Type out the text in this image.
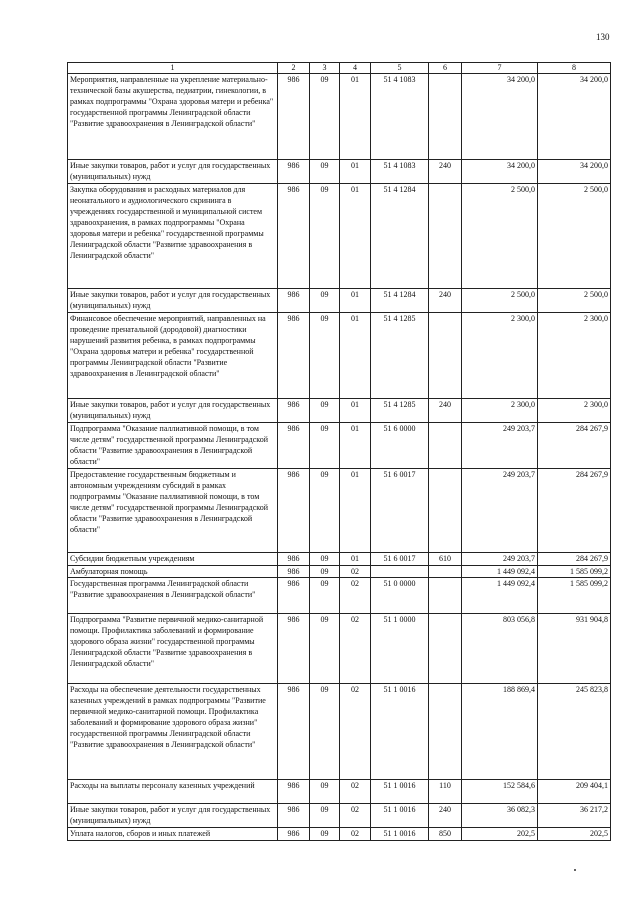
130
1	2	3	4	5	6	7	8
Мероприятия, направленные на укрепление материально-технической базы акушерства, педиатрии, гинекологии, в рамках подпрограммы "Охрана здоровья матери и ребенка" государственной программы Ленинградской области "Развитие здравоохранения в Ленинградской области"	986	09	01	51 4 1083		34 200,0	34 200,0
Иные закупки товаров, работ и услуг для государственных (муниципальных) нужд	986	09	01	51 4 1083	240	34 200,0	34 200,0
Закупка оборудования и расходных материалов для неонатального и аудиологического скрининга в учреждениях государственной и муниципальной систем здравоохранения, в рамках подпрограммы "Охрана здоровья матери и ребенка" государственной программы Ленинградской области "Развитие здравоохранения в Ленинградской области"	986	09	01	51 4 1284		2 500,0	2 500,0
Иные закупки товаров, работ и услуг для государственных (муниципальных) нужд	986	09	01	51 4 1284	240	2 500,0	2 500,0
Финансовое обеспечение мероприятий, направленных на проведение пренатальной (дородовой) диагностики нарушений развития ребенка, в рамках подпрограммы "Охрана здоровья матери и ребенка" государственной программы Ленинградской области "Развитие здравоохранения в Ленинградской области"	986	09	01	51 4 1285		2 300,0	2 300,0
Иные закупки товаров, работ и услуг для государственных (муниципальных) нужд	986	09	01	51 4 1285	240	2 300,0	2 300,0
Подпрограмма "Оказание паллиативной помощи, в том числе детям" государственной программы Ленинградской области "Развитие здравоохранения в Ленинградской области"	986	09	01	51 6 0000		249 203,7	284 267,9
Предоставление государственным бюджетным и автономным учреждениям субсидий в рамках подпрограммы "Оказание паллиативной помощи, в том числе детям" государственной программы Ленинградской области "Развитие здравоохранения в Ленинградской области"	986	09	01	51 6 0017		249 203,7	284 267,9
Субсидии бюджетным учреждениям	986	09	01	51 6 0017	610	249 203,7	284 267,9
Амбулаторная помощь	986	09	02			1 449 092,4	1 585 099,2
Государственная программа Ленинградской области "Развитие здравоохранения в Ленинградской области"	986	09	02	51 0 0000		1 449 092,4	1 585 099,2
Подпрограмма "Развитие первичной медико-санитарной помощи. Профилактика заболеваний и формирование здорового образа жизни" государственной программы Ленинградской области "Развитие здравоохранения в Ленинградской области"	986	09	02	51 1 0000		803 056,8	931 904,8
Расходы на обеспечение деятельности государственных казенных учреждений в рамках подпрограммы "Развитие первичной медико-санитарной помощи. Профилактика заболеваний и формирование здорового образа жизни" государственной программы Ленинградской области "Развитие здравоохранения в Ленинградской области"	986	09	02	51 1 0016		188 869,4	245 823,8
Расходы на выплаты персоналу казенных учреждений	986	09	02	51 1 0016	110	152 584,6	209 404,1
Иные закупки товаров, работ и услуг для государственных (муниципальных) нужд	986	09	02	51 1 0016	240	36 082,3	36 217,2
Уплата налогов, сборов и иных платежей	986	09	02	51 1 0016	850	202,5	202,5
